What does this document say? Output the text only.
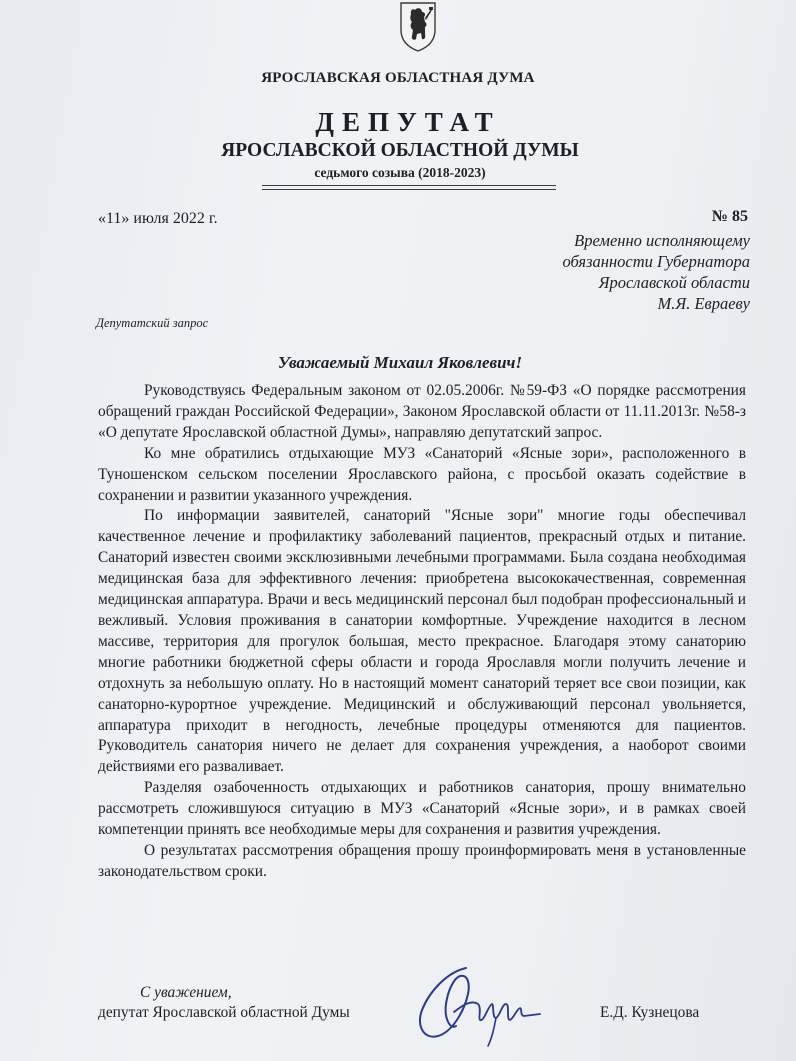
ЯРОСЛАВСКАЯ ОБЛАСТНАЯ ДУМА
ДЕПУТАТ
ЯРОСЛАВСКОЙ ОБЛАСТНОЙ ДУМЫ
седьмого созыва (2018-2023)
«11» июля 2022 г.	№ 85
Временно исполняющему
обязанности Губернатора
Ярославской области
М.Я. Евраеву
Депутатский запрос
Уважаемый Михаил Яковлевич!

Руководствуясь Федеральным законом от 02.05.2006г. №59-ФЗ «О порядке рассмотрения обращений граждан Российской Федерации», Законом Ярославской области от 11.11.2013г. №58-з «О депутате Ярославской областной Думы», направляю депутатский запрос.

Ко мне обратились отдыхающие МУЗ «Санаторий «Ясные зори», расположенного в Туношенском сельском поселении Ярославского района, с просьбой оказать содействие в сохранении и развитии указанного учреждения.

По информации заявителей, санаторий "Ясные зори" многие годы обеспечивал качественное лечение и профилактику заболеваний пациентов, прекрасный отдых и питание. Санаторий известен своими эксклюзивными лечебными программами. Была создана необходимая медицинская база для эффективного лечения: приобретена высококачественная, современная медицинская аппаратура. Врачи и весь медицинский персонал был подобран профессиональный и вежливый. Условия проживания в санатории комфортные. Учреждение находится в лесном массиве, территория для прогулок большая, место прекрасное. Благодаря этому санаторию многие работники бюджетной сферы области и города Ярославля могли получить лечение и отдохнуть за небольшую оплату. Но в настоящий момент санаторий теряет все свои позиции, как санаторно-курортное учреждение. Медицинский и обслуживающий персонал увольняется, аппаратура приходит в негодность, лечебные процедуры отменяются для пациентов. Руководитель санатория ничего не делает для сохранения учреждения, а наоборот своими действиями его разваливает.

Разделяя озабоченность отдыхающих и работников санатория, прошу внимательно рассмотреть сложившуюся ситуацию в МУЗ «Санаторий «Ясные зори», и в рамках своей компетенции принять все необходимые меры для сохранения и развития учреждения.

О результатах рассмотрения обращения прошу проинформировать меня в установленные законодательством сроки.

С уважением,
депутат Ярославской областной Думы	Е.Д. Кузнецова
